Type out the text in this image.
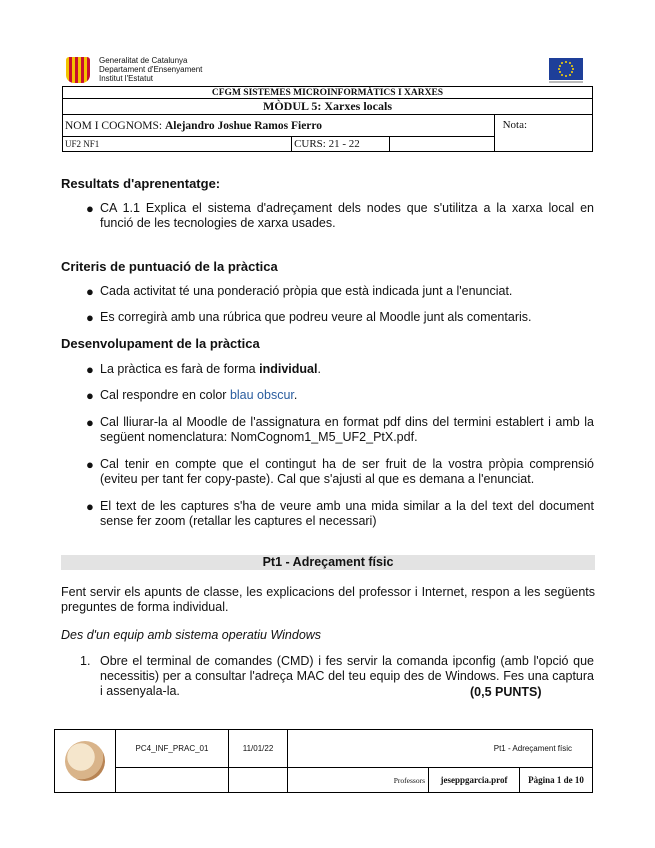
Generalitat de Catalunya
Departament d'Ensenyament
Institut l'Estatut
CFGM SISTEMES MICROINFORMÀTICS I XARXES			
MÒDUL 5: Xarxes locals			
NOM I COGNOMS: Alejandro Joshue Ramos Fierro			Nota:
UF2 NF1	CURS: 21 - 22		
Resultats d'aprenentatge:
● CA 1.1 Explica el sistema d'adreçament dels nodes que s'utilitza a la xarxa local en funció de les tecnologies de xarxa usades.
Criteris de puntuació de la pràctica
● Cada activitat té una ponderació pròpia que està indicada junt a l'enunciat.
● Es corregirà amb una rúbrica que podreu veure al Moodle junt als comentaris.
Desenvolupament de la pràctica
● La pràctica es farà de forma individual.
● Cal respondre en color blau obscur.
● Cal lliurar-la al Moodle de l'assignatura en format pdf dins del termini establert i amb la següent nomenclatura: NomCognom1_M5_UF2_PtX.pdf.
● Cal tenir en compte que el contingut ha de ser fruit de la vostra pròpia comprensió (eviteu per tant fer copy-paste). Cal que s'ajusti al que es demana a l'enunciat.
● El text de les captures s'ha de veure amb una mida similar a la del text del document sense fer zoom (retallar les captures el necessari)
Pt1 - Adreçament físic
Fent servir els apunts de classe, les explicacions del professor i Internet, respon a les següents preguntes de forma individual.
Des d'un equip amb sistema operatiu Windows
1. Obre el terminal de comandes (CMD) i fes servir la comanda ipconfig (amb l'opció que necessitis) per a consultar l'adreça MAC del teu equip des de Windows. Fes una captura i assenyala-la.	(0,5 PUNTS)
	PC4_INF_PRAC_01	11/01/22	Pt1 - Adreçament físic		
			Professors	jeseppgarcia.prof	Pàgina 1 de 10
